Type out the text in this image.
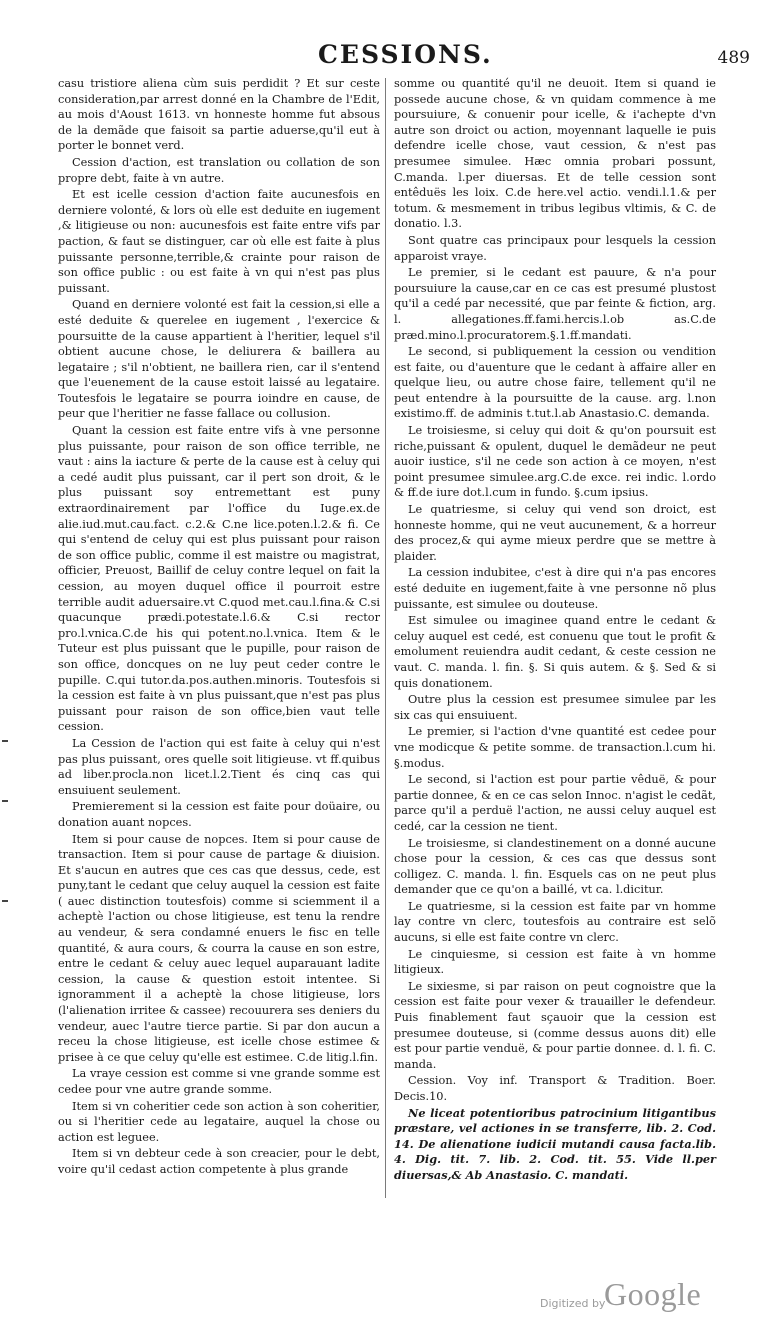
CESSIONS.	489

casu tristiore aliena cùm suis perdidit ? Et sur ceste consideration,par arrest donné en la Chambre de l'Edit, au mois d'Aoust 1613. vn honneste homme fut absous de la demãde que faisoit sa partie aduerse,qu'il eut à porter le bonnet verd.

Cession d'action, est translation ou collation de son propre debt, faite à vn autre.

Et est icelle cession d'action faite aucunesfois en derniere volonté, & lors où elle est deduite en iugement ,& litigieuse ou non: aucunesfois est faite entre vifs par paction, & faut se distinguer, car où elle est faite à plus puissante personne,terrible,& crainte pour raison de son office public : ou est faite à vn qui n'est pas plus puissant.

Quand en derniere volonté est fait la cession,si elle a esté deduite & querelee en iugement , l'exercice & poursuitte de la cause appartient à l'heritier, lequel s'il obtient aucune chose, le deliurera & baillera au legataire ; s'il n'obtient, ne baillera rien, car il s'entend que l'euenement de la cause estoit laissé au legataire. Toutesfois le legataire se pourra ioindre en cause, de peur que l'heritier ne fasse fallace ou collusion.

Quant la cession est faite entre vifs à vne personne plus puissante, pour raison de son office terrible, ne vaut : ains la iacture & perte de la cause est à celuy qui a cedé audit plus puissant, car il pert son droit, & le plus puissant soy entremettant est puny extraordinairement par l'office du Iuge.ex.de alie.iud.mut.cau.fact. c.2.& C.ne lice.poten.l.2.& fi. Ce qui s'entend de celuy qui est plus puissant pour raison de son office public, comme il est maistre ou magistrat, officier, Preuost, Baillif de celuy contre lequel on fait la cession, au moyen duquel office il pourroit estre terrible audit aduersaire.vt C.quod met.cau.l.fina.& C.si quacunque prædi.potestate.l.6.& C.si rector pro.l.vnica.C.de his qui potent.no.l.vnica. Item & le Tuteur est plus puissant que le pupille, pour raison de son office, doncques on ne luy peut ceder contre le pupille. C.qui tutor.da.pos.authen.minoris. Toutesfois si la cession est faite à vn plus puissant,que n'est pas plus puissant pour raison de son office,bien vaut telle cession.

La Cession de l'action qui est faite à celuy qui n'est pas plus puissant, ores quelle soit litigieuse. vt ff.quibus ad liber.procla.non licet.l.2.Tient és cinq cas qui ensuiuent seulement.

Premierement si la cession est faite pour doüaire, ou donation auant nopces.

Item si pour cause de nopces. Item si pour cause de transaction. Item si pour cause de partage & diuision. Et s'aucun en autres que ces cas que dessus, cede, est puny,tant le cedant que celuy auquel la cession est faite ( auec distinction toutesfois) comme si sciemment il a acheptè l'action ou chose litigieuse, est tenu la rendre au vendeur, & sera condamné enuers le fisc en telle quantité, & aura cours, & courra la cause en son estre, entre le cedant & celuy auec lequel auparauant ladite cession, la cause & question estoit intentee. Si ignoramment il a acheptè la chose litigieuse, lors (l'alienation irritee & cassee) recouurera ses deniers du vendeur, auec l'autre tierce partie. Si par don aucun a receu la chose litigieuse, est icelle chose estimee & prisee à ce que celuy qu'elle est estimee. C.de litig.l.fin.

La vraye cession est comme si vne grande somme est cedee pour vne autre grande somme.

Item si vn coheritier cede son action à son coheritier, ou si l'heritier cede au legataire, auquel la chose ou action est leguee.

Item si vn debteur cede à son creacier, pour le debt, voire qu'il cedast action competente à plus grande

somme ou quantité qu'il ne deuoit. Item si quand ie possede aucune chose, & vn quidam commence à me poursuiure, & conuenir pour icelle, & i'achepte d'vn autre son droict ou action, moyennant laquelle ie puis defendre icelle chose, vaut cession, & n'est pas presumee simulee. Hæc omnia probari possunt, C.manda. l.per diuersas. Et de telle cession sont entêduës les loix. C.de here.vel actio. vendi.l.1.& per totum. & mesmement in tribus legibus vltimis, & C. de donatio. l.3.

Sont quatre cas principaux pour lesquels la cession apparoist vraye.

Le premier, si le cedant est pauure, & n'a pour poursuiure la cause,car en ce cas est presumé plustost qu'il a cedé par necessité, que par feinte & fiction, arg. l. allegationes.ff.fami.hercis.l.ob as.C.de præd.mino.l.procuratorem.§.1.ff.mandati.

Le second, si publiquement la cession ou vendition est faite, ou d'auenture que le cedant à affaire aller en quelque lieu, ou autre chose faire, tellement qu'il ne peut entendre à la poursuitte de la cause. arg. l.non existimo.ff. de adminis t.tut.l.ab Anastasio.C. demanda.

Le troisiesme, si celuy qui doit & qu'on poursuit est riche,puissant & opulent, duquel le demãdeur ne peut auoir iustice, s'il ne cede son action à ce moyen, n'est point presumee simulee.arg.C.de exce. rei indic. l.ordo & ff.de iure dot.l.cum in fundo. §.cum ipsius.

Le quatriesme, si celuy qui vend son droict, est honneste homme, qui ne veut aucunement, & a horreur des procez,& qui ayme mieux perdre que se mettre à plaider.

La cession indubitee, c'est à dire qui n'a pas encores esté deduite en iugement,faite à vne personne nõ plus puissante, est simulee ou douteuse.

Est simulee ou imaginee quand entre le cedant & celuy auquel est cedé, est conuenu que tout le profit & emolument reuiendra audit cedant, & ceste cession ne vaut. C. manda. l. fin. §. Si quis autem. & §. Sed & si quis donationem.

Outre plus la cession est presumee simulee par les six cas qui ensuiuent.

Le premier, si l'action d'vne quantité est cedee pour vne modicque & petite somme. de transaction.l.cum hi. §.modus.

Le second, si l'action est pour partie vêduë, & pour partie donnee, & en ce cas selon Innoc. n'agist le cedãt, parce qu'il a perduë l'action, ne aussi celuy auquel est cedé, car la cession ne tient.

Le troisiesme, si clandestinement on a donné aucune chose pour la cession, & ces cas que dessus sont colligez. C. manda. l. fin. Esquels cas on ne peut plus demander que ce qu'on a baillé, vt ca. l.dicitur.

Le quatriesme, si la cession est faite par vn homme lay contre vn clerc, toutesfois au contraire est selõ aucuns, si elle est faite contre vn clerc.

Le cinquiesme, si cession est faite à vn homme litigieux.

Le sixiesme, si par raison on peut cognoistre que la cession est faite pour vexer & trauailler le defendeur. Puis finablement faut sçauoir que la cession est presumee douteuse, si (comme dessus auons dit) elle est pour partie venduë, & pour partie donnee. d. l. fi. C. manda.

Cession. Voy inf. Transport & Tradition. Boer. Decis.10.

Ne liceat potentioribus patrocinium litigantibus præstare, vel actiones in se transferre, lib. 2. Cod. 14. De alienatione iudicii mutandi causa facta.lib. 4. Dig. tit. 7. lib. 2. Cod. tit. 55. Vide ll.per diuersas,& Ab Anastasio. C. mandati.

Digitized by
Google
